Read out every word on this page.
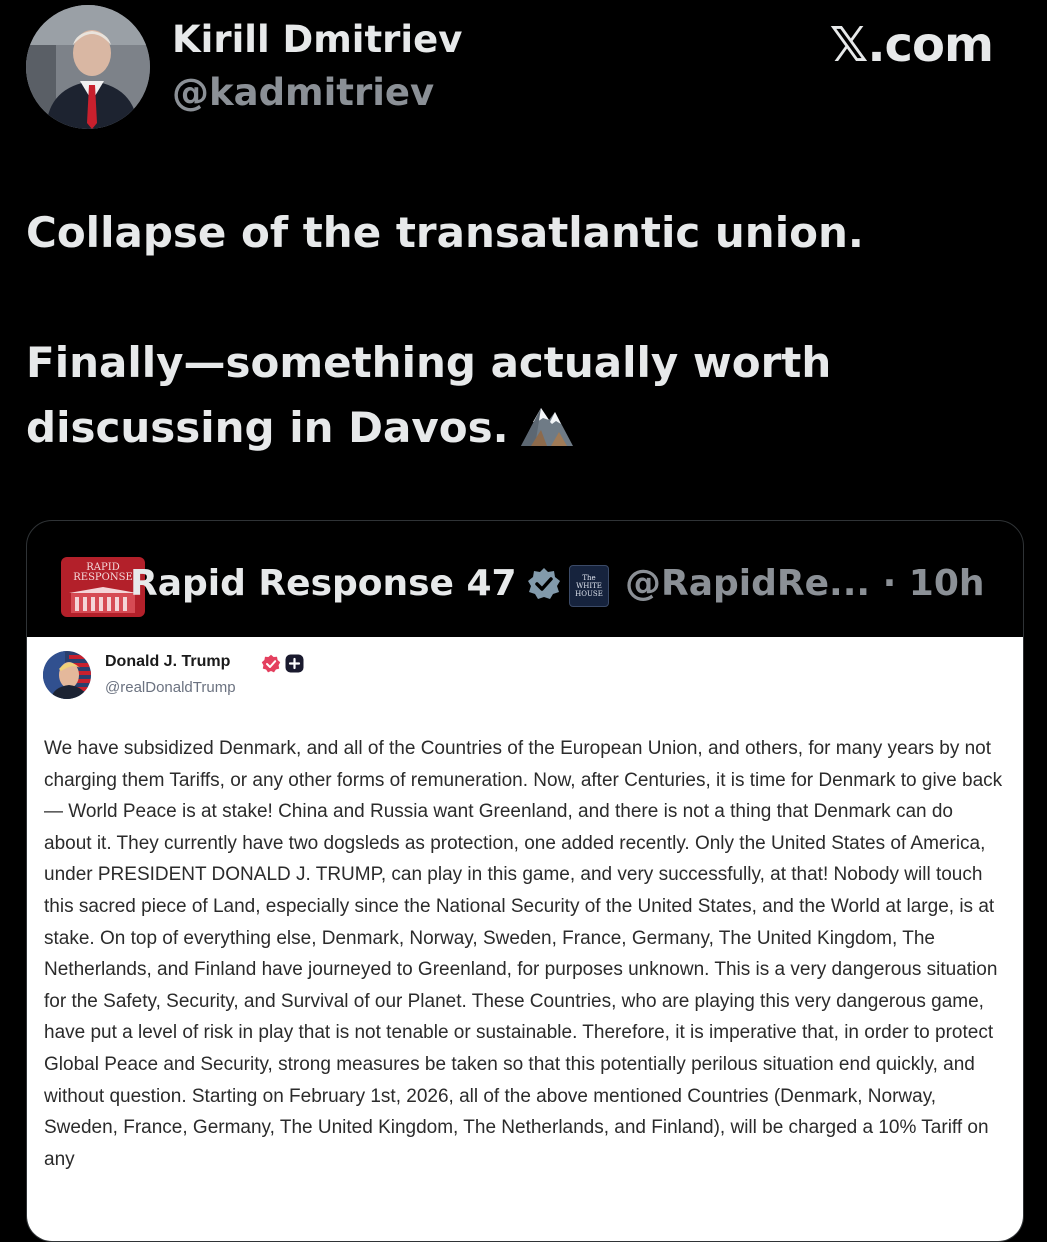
Kirill Dmitriev
@kadmitriev
𝕏.com

Collapse of the transatlantic union.

Finally—something actually worth discussing in Davos.

RAPID RESPONSE
Rapid Response 47	The WHITE HOUSE @RapidRe... · 10h
Donald J. Trump
@realDonaldTrump

We have subsidized Denmark, and all of the Countries of the European Union, and others, for many years by not charging them Tariffs, or any other forms of remuneration. Now, after Centuries, it is time for Denmark to give back — World Peace is at stake! China and Russia want Greenland, and there is not a thing that Denmark can do about it. They currently have two dogsleds as protection, one added recently. Only the United States of America, under PRESIDENT DONALD J. TRUMP, can play in this game, and very successfully, at that! Nobody will touch this sacred piece of Land, especially since the National Security of the United States, and the World at large, is at stake. On top of everything else, Denmark, Norway, Sweden, France, Germany, The United Kingdom, The Netherlands, and Finland have journeyed to Greenland, for purposes unknown. This is a very dangerous situation for the Safety, Security, and Survival of our Planet. These Countries, who are playing this very dangerous game, have put a level of risk in play that is not tenable or sustainable. Therefore, it is imperative that, in order to protect Global Peace and Security, strong measures be taken so that this potentially perilous situation end quickly, and without question. Starting on February 1st, 2026, all of the above mentioned Countries (Denmark, Norway, Sweden, France, Germany, The United Kingdom, The Netherlands, and Finland), will be charged a 10% Tariff on any
